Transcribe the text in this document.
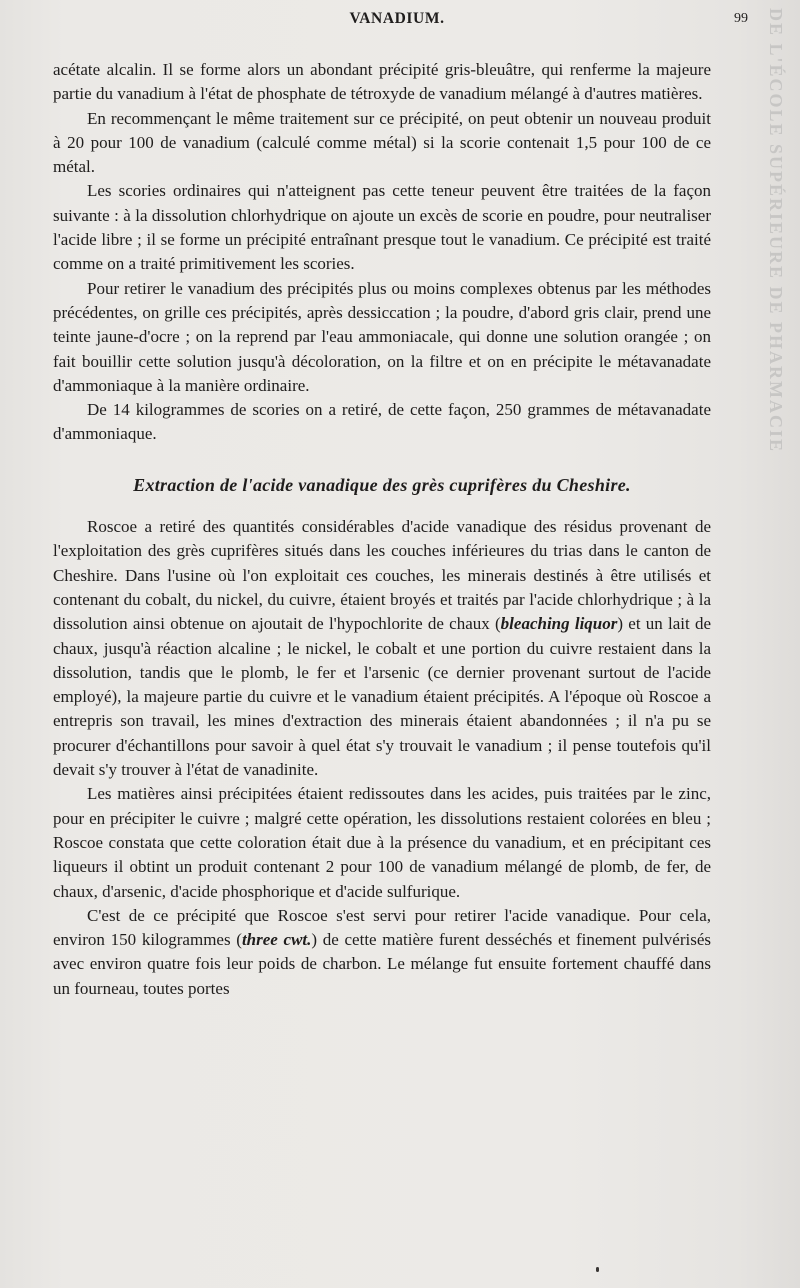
VANADIUM.	99 DE L'ÉCOLE SUPÉRIEURE DE PHARMACIE

acétate alcalin. Il se forme alors un abondant précipité gris-bleuâtre, qui renferme la majeure partie du vanadium à l'état de phosphate de tétroxyde de vanadium mélangé à d'autres matières.

En recommençant le même traitement sur ce précipité, on peut obtenir un nouveau produit à 20 pour 100 de vanadium (calculé comme métal) si la scorie contenait 1,5 pour 100 de ce métal.

Les scories ordinaires qui n'atteignent pas cette teneur peuvent être traitées de la façon suivante : à la dissolution chlorhydrique on ajoute un excès de scorie en poudre, pour neutraliser l'acide libre ; il se forme un précipité entraînant presque tout le vanadium. Ce précipité est traité comme on a traité primitivement les scories.

Pour retirer le vanadium des précipités plus ou moins complexes obtenus par les méthodes précédentes, on grille ces précipités, après dessiccation ; la poudre, d'abord gris clair, prend une teinte jaune-d'ocre ; on la reprend par l'eau ammoniacale, qui donne une solution orangée ; on fait bouillir cette solution jusqu'à décoloration, on la filtre et on en précipite le métavanadate d'ammoniaque à la manière ordinaire.

De 14 kilogrammes de scories on a retiré, de cette façon, 250 grammes de métavanadate d'ammoniaque.

Extraction de l'acide vanadique des grès cuprifères du Cheshire.

Roscoe a retiré des quantités considérables d'acide vanadique des résidus provenant de l'exploitation des grès cuprifères situés dans les couches inférieures du trias dans le canton de Cheshire. Dans l'usine où l'on exploitait ces couches, les minerais destinés à être utilisés et contenant du cobalt, du nickel, du cuivre, étaient broyés et traités par l'acide chlorhydrique ; à la dissolution ainsi obtenue on ajoutait de l'hypochlorite de chaux (bleaching liquor) et un lait de chaux, jusqu'à réaction alcaline ; le nickel, le cobalt et une portion du cuivre restaient dans la dissolution, tandis que le plomb, le fer et l'arsenic (ce dernier provenant surtout de l'acide employé), la majeure partie du cuivre et le vanadium étaient précipités. A l'époque où Roscoe a entrepris son travail, les mines d'extraction des minerais étaient abandonnées ; il n'a pu se procurer d'échantillons pour savoir à quel état s'y trouvait le vanadium ; il pense toutefois qu'il devait s'y trouver à l'état de vanadinite.

Les matières ainsi précipitées étaient redissoutes dans les acides, puis traitées par le zinc, pour en précipiter le cuivre ; malgré cette opération, les dissolutions restaient colorées en bleu ; Roscoe constata que cette coloration était due à la présence du vanadium, et en précipitant ces liqueurs il obtint un produit contenant 2 pour 100 de vanadium mélangé de plomb, de fer, de chaux, d'arsenic, d'acide phosphorique et d'acide sulfurique.

C'est de ce précipité que Roscoe s'est servi pour retirer l'acide vanadique. Pour cela, environ 150 kilogrammes (three cwt.) de cette matière furent desséchés et finement pulvérisés avec environ quatre fois leur poids de charbon. Le mélange fut ensuite fortement chauffé dans un fourneau, toutes portes
